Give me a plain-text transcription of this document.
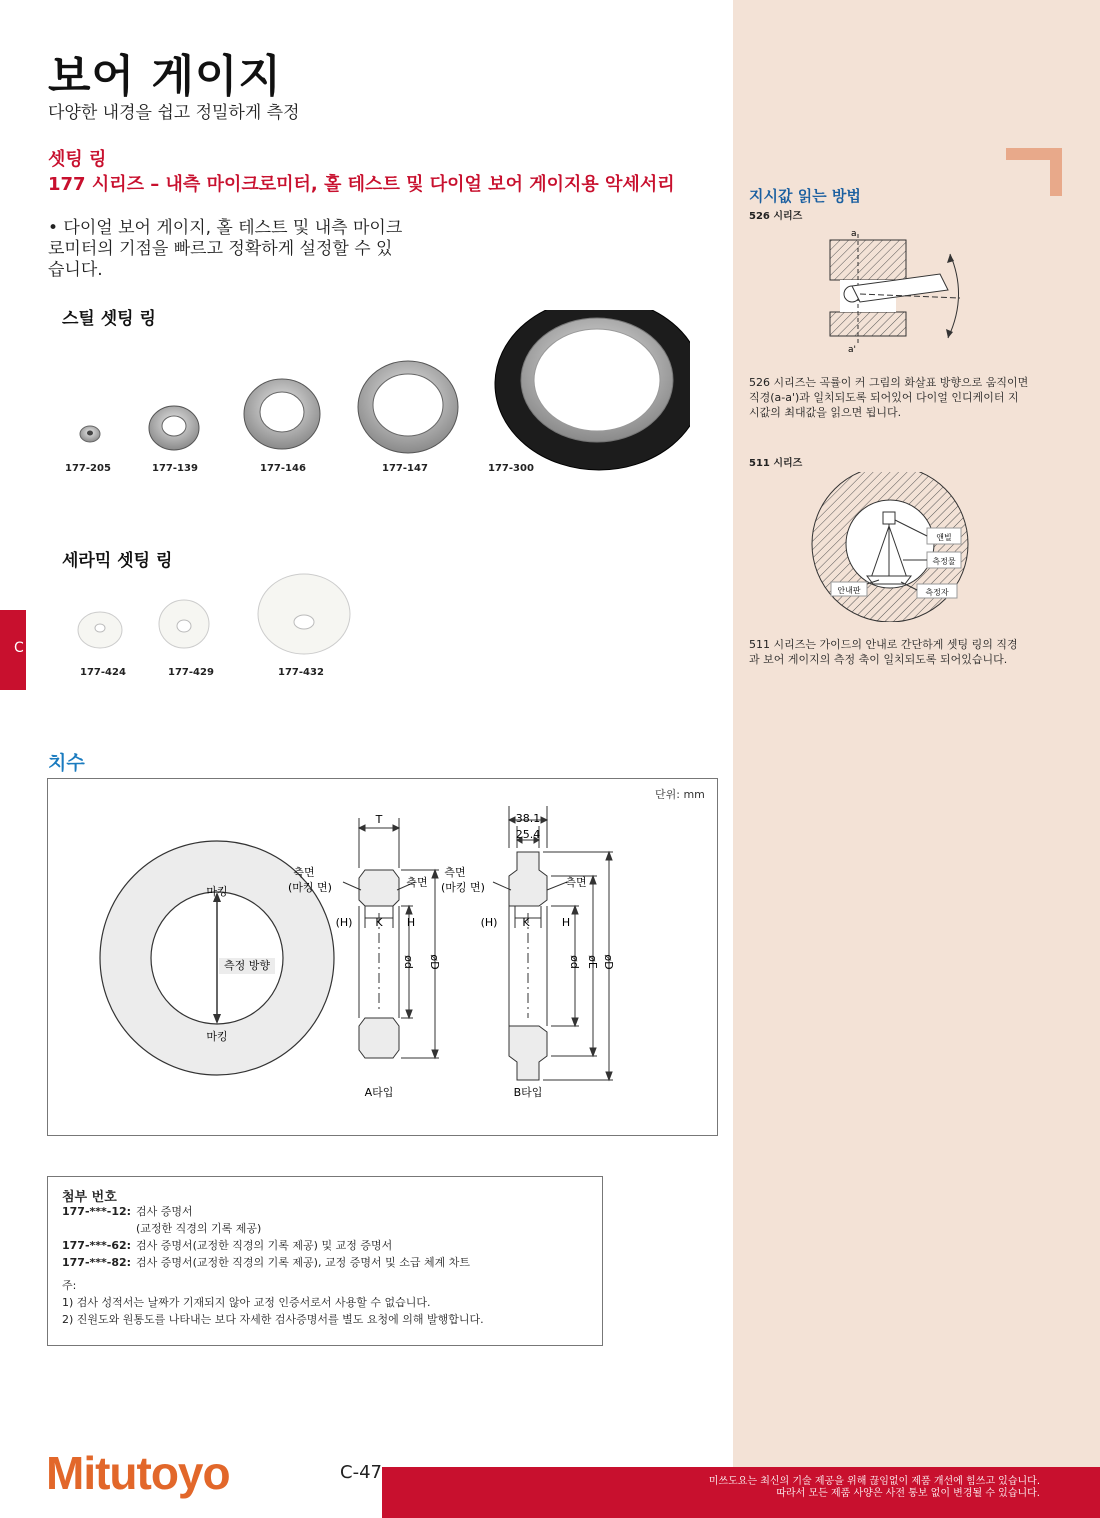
보어 게이지
다양한 내경을 쉽고 정밀하게 측정
셋팅 링
177 시리즈 – 내측 마이크로미터, 홀 테스트 및 다이얼 보어 게이지용 악세서리
• 다이얼 보어 게이지, 홀 테스트 및 내측 마이크로미터의 기점을 빠르고 정확하게 설정할 수 있습니다.
C
스틸 셋팅 링
177-205	177-139	177-146	177-147	177-300
세라믹 셋팅 링
177-424	177-429	177-432
치수
단위: mm
마킹
측정 방향
마킹
T
측면
(마킹 면)	측면
(H) K H
ød øD
A타입
38.1
25.4
측면
(마킹 면)	측면
(H) K	H
ød øE øD
B타입
첨부 번호
177-***-12: 검사 증명서
(교정한 직경의 기록 제공)
177-***-62: 검사 증명서(교정한 직경의 기록 제공) 및 교정 증명서
177-***-82: 검사 증명서(교정한 직경의 기록 제공), 교정 증명서 및 소급 체계 차트
주:
1) 검사 성적서는 날짜가 기재되지 않아 교정 인증서로서 사용할 수 없습니다.
2) 진원도와 원통도를 나타내는 보다 자세한 검사증명서를 별도 요청에 의해 발행합니다.
지시값 읽는 방법
526 시리즈
a
a'
526 시리즈는 곡률이 커 그림의 화살표 방향으로 움직이면 직경(a-a')과 일치되도록 되어있어 다이얼 인디케이터 지시값의 최대값을 읽으면 됩니다.
511 시리즈
앤빌
측정물
안내판	측정자
511 시리즈는 가이드의 안내로 간단하게 셋팅 링의 직경과 보어 게이지의 측정 축이 일치되도록 되어있습니다.
Mitutoyo	C-47	미쓰도요는 최신의 기술 제공을 위해 끊임없이 제품 개선에 힘쓰고 있습니다.
따라서 모든 제품 사양은 사전 통보 없이 변경될 수 있습니다.
